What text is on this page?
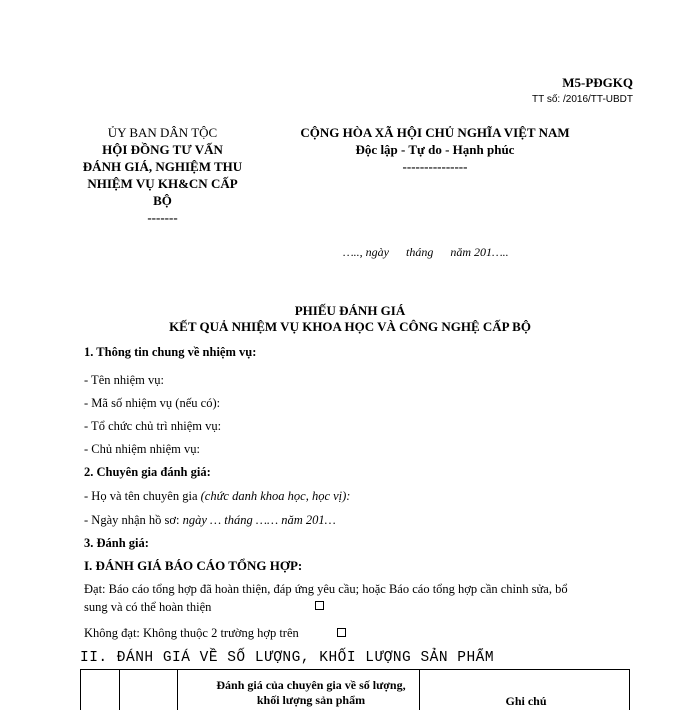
M5-PĐGKQ
TT số: /2016/TT-UBDT
ỦY BAN DÂN TỘC
HỘI ĐỒNG TƯ VẤN
ĐÁNH GIÁ, NGHIỆM THU
NHIỆM VỤ KH&CN CẤP
BỘ
-------
CỘNG HÒA XÃ HỘI CHỦ NGHĨA VIỆT NAM
Độc lập - Tự do - Hạnh phúc
---------------
….., ngày tháng năm 201…..
PHIẾU ĐÁNH GIÁ
KẾT QUẢ NHIỆM VỤ KHOA HỌC VÀ CÔNG NGHỆ CẤP BỘ
1. Thông tin chung về nhiệm vụ:
- Tên nhiệm vụ:
- Mã số nhiệm vụ (nếu có):
- Tổ chức chủ trì nhiệm vụ:
- Chủ nhiệm nhiệm vụ:
2. Chuyên gia đánh giá:
- Họ và tên chuyên gia (chức danh khoa học, học vị):
- Ngày nhận hồ sơ: ngày … tháng …… năm 201…
3. Đánh giá:
I. ĐÁNH GIÁ BÁO CÁO TỔNG HỢP:
Đạt: Báo cáo tổng hợp đã hoàn thiện, đáp ứng yêu cầu; hoặc Báo cáo tổng hợp cần chỉnh sửa, bổ
sung và có thể hoàn thiện
Không đạt: Không thuộc 2 trường hợp trên
II. ĐÁNH GIÁ VỀ SỐ LƯỢNG, KHỐI LƯỢNG SẢN PHẨM
Đánh giá của chuyên gia về số lượng, khối lượng sản phẩm	Ghi chú
